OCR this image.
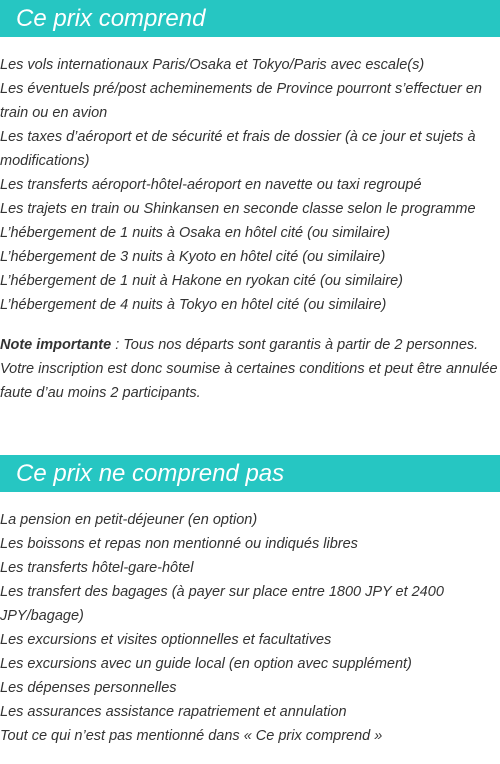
Ce prix comprend
Les vols internationaux Paris/Osaka et Tokyo/Paris avec escale(s)
Les éventuels pré/post acheminements de Province pourront s’effectuer en train ou en avion
Les taxes d’aéroport et de sécurité et frais de dossier (à ce jour et sujets à modifications)
Les transferts aéroport-hôtel-aéroport en navette ou taxi regroupé
Les trajets en train ou Shinkansen en seconde classe selon le programme
L’hébergement de 1 nuits à Osaka en hôtel cité (ou similaire)
L’hébergement de 3 nuits à Kyoto en hôtel cité (ou similaire)
L’hébergement de 1 nuit à Hakone en ryokan cité (ou similaire)
L’hébergement de 4 nuits à Tokyo en hôtel cité (ou similaire)

Note importante : Tous nos départs sont garantis à partir de 2 personnes. Votre inscription est donc soumise à certaines conditions et peut être annulée faute d’au moins 2 participants.

Ce prix ne comprend pas
La pension en petit-déjeuner (en option)
Les boissons et repas non mentionné ou indiqués libres
Les transferts hôtel-gare-hôtel
Les transfert des bagages (à payer sur place entre 1800 JPY et 2400 JPY/bagage)
Les excursions et visites optionnelles et facultatives
Les excursions avec un guide local (en option avec supplément)
Les dépenses personnelles
Les assurances assistance rapatriement et annulation
Tout ce qui n’est pas mentionné dans « Ce prix comprend »
